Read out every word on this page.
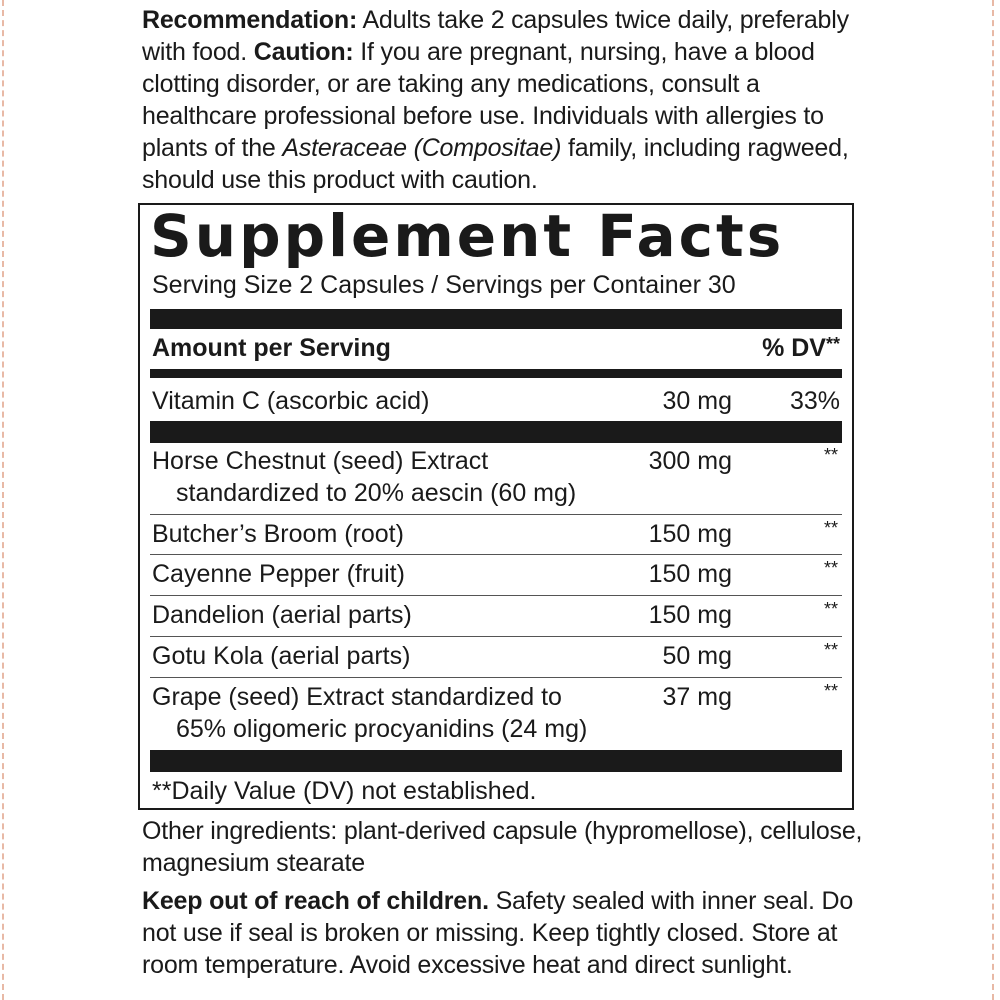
Recommendation: Adults take 2 capsules twice daily, preferably with food. Caution: If you are pregnant, nursing, have a blood clotting disorder, or are taking any medications, consult a healthcare professional before use. Individuals with allergies to plants of the Asteraceae (Compositae) family, including ragweed, should use this product with caution.
Supplement Facts
Serving Size 2 Capsules / Servings per Container 30
Amount per Serving	% DV**
Vitamin C (ascorbic acid)	30 mg 33%
Horse Chestnut (seed) Extract
standardized to 20% aescin (60 mg)
300 mg	**
Butcher’s Broom (root)	150 mg	**
Cayenne Pepper (fruit)	150 mg	**
Dandelion (aerial parts)	150 mg	**
Gotu Kola (aerial parts)	50 mg	**
Grape (seed) Extract standardized to
65% oligomeric procyanidins (24 mg)
37 mg	**
**Daily Value (DV) not established.
Other ingredients: plant-derived capsule (hypromellose), cellulose, magnesium stearate
Keep out of reach of children. Safety sealed with inner seal. Do not use if seal is broken or missing. Keep tightly closed. Store at room temperature. Avoid excessive heat and direct sunlight.
